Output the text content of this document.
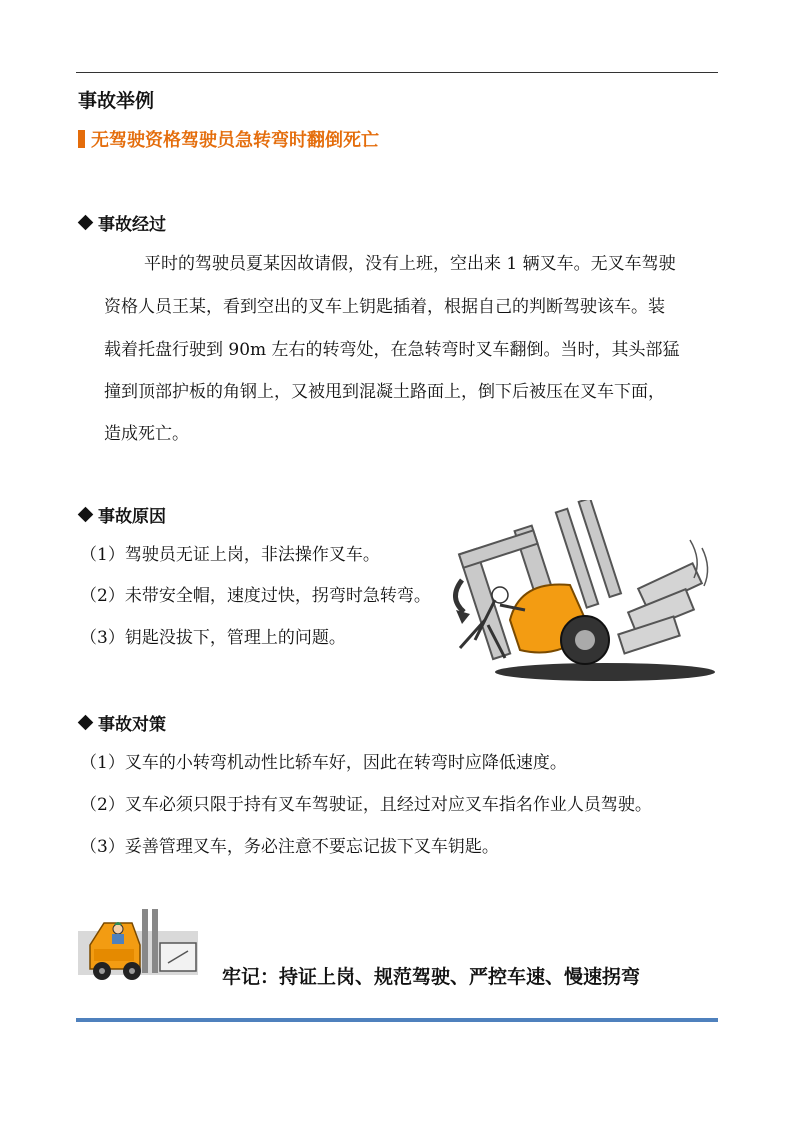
事故举例
无驾驶资格驾驶员急转弯时翻倒死亡
事故经过
平时的驾驶员夏某因故请假，没有上班，空出来 1 辆叉车。无叉车驾驶
资格人员王某，看到空出的叉车上钥匙插着，根据自己的判断驾驶该车。装
载着托盘行驶到 90m 左右的转弯处，在急转弯时叉车翻倒。当时，其头部猛
撞到顶部护板的角钢上，又被甩到混凝土路面上，倒下后被压在叉车下面，
造成死亡。
事故原因
（1）驾驶员无证上岗，非法操作叉车。
（2）未带安全帽，速度过快，拐弯时急转弯。
（3）钥匙没拔下，管理上的问题。
事故对策
（1）叉车的小转弯机动性比轿车好，因此在转弯时应降低速度。
（2）叉车必须只限于持有叉车驾驶证，且经过对应叉车指名作业人员驾驶。
（3）妥善管理叉车，务必注意不要忘记拔下叉车钥匙。
牢记：持证上岗、规范驾驶、严控车速、慢速拐弯
